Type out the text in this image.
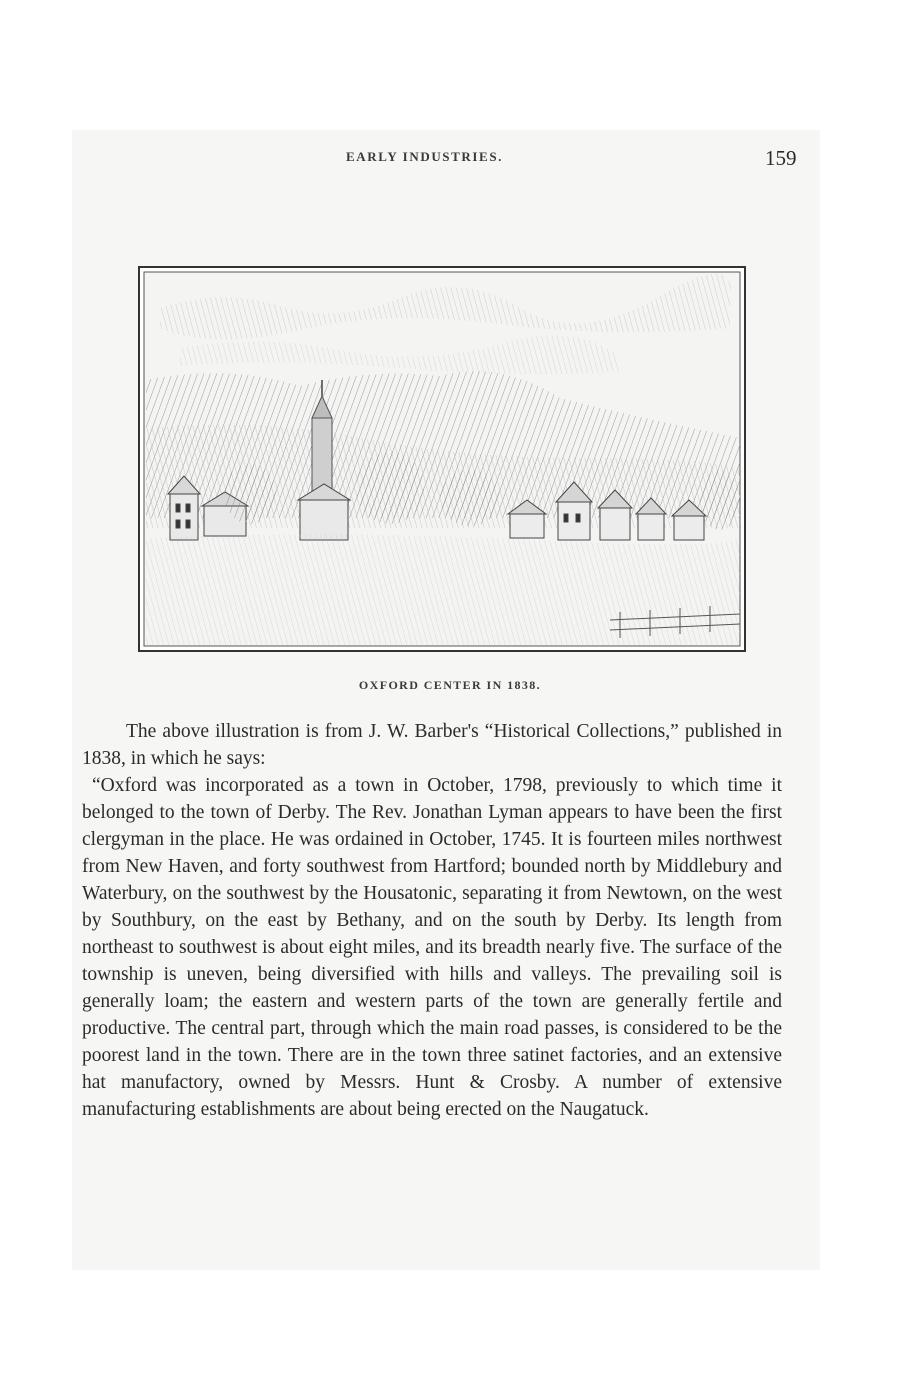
EARLY INDUSTRIES.	159
OXFORD CENTER IN 1838.

The above illustration is from J. W. Barber's “Historical Collections,” published in 1838, in which he says:

“Oxford was incorporated as a town in October, 1798, previously to which time it belonged to the town of Derby. The Rev. Jonathan Lyman appears to have been the first clergyman in the place. He was ordained in October, 1745. It is fourteen miles northwest from New Haven, and forty southwest from Hartford; bounded north by Middlebury and Waterbury, on the southwest by the Housatonic, separating it from Newtown, on the west by Southbury, on the east by Bethany, and on the south by Derby. Its length from northeast to southwest is about eight miles, and its breadth nearly five. The surface of the township is uneven, being diversified with hills and valleys. The prevailing soil is generally loam; the eastern and western parts of the town are generally fertile and productive. The central part, through which the main road passes, is considered to be the poorest land in the town. There are in the town three satinet factories, and an extensive hat manufactory, owned by Messrs. Hunt & Crosby. A number of extensive manufacturing establishments are about being erected on the Naugatuck.
